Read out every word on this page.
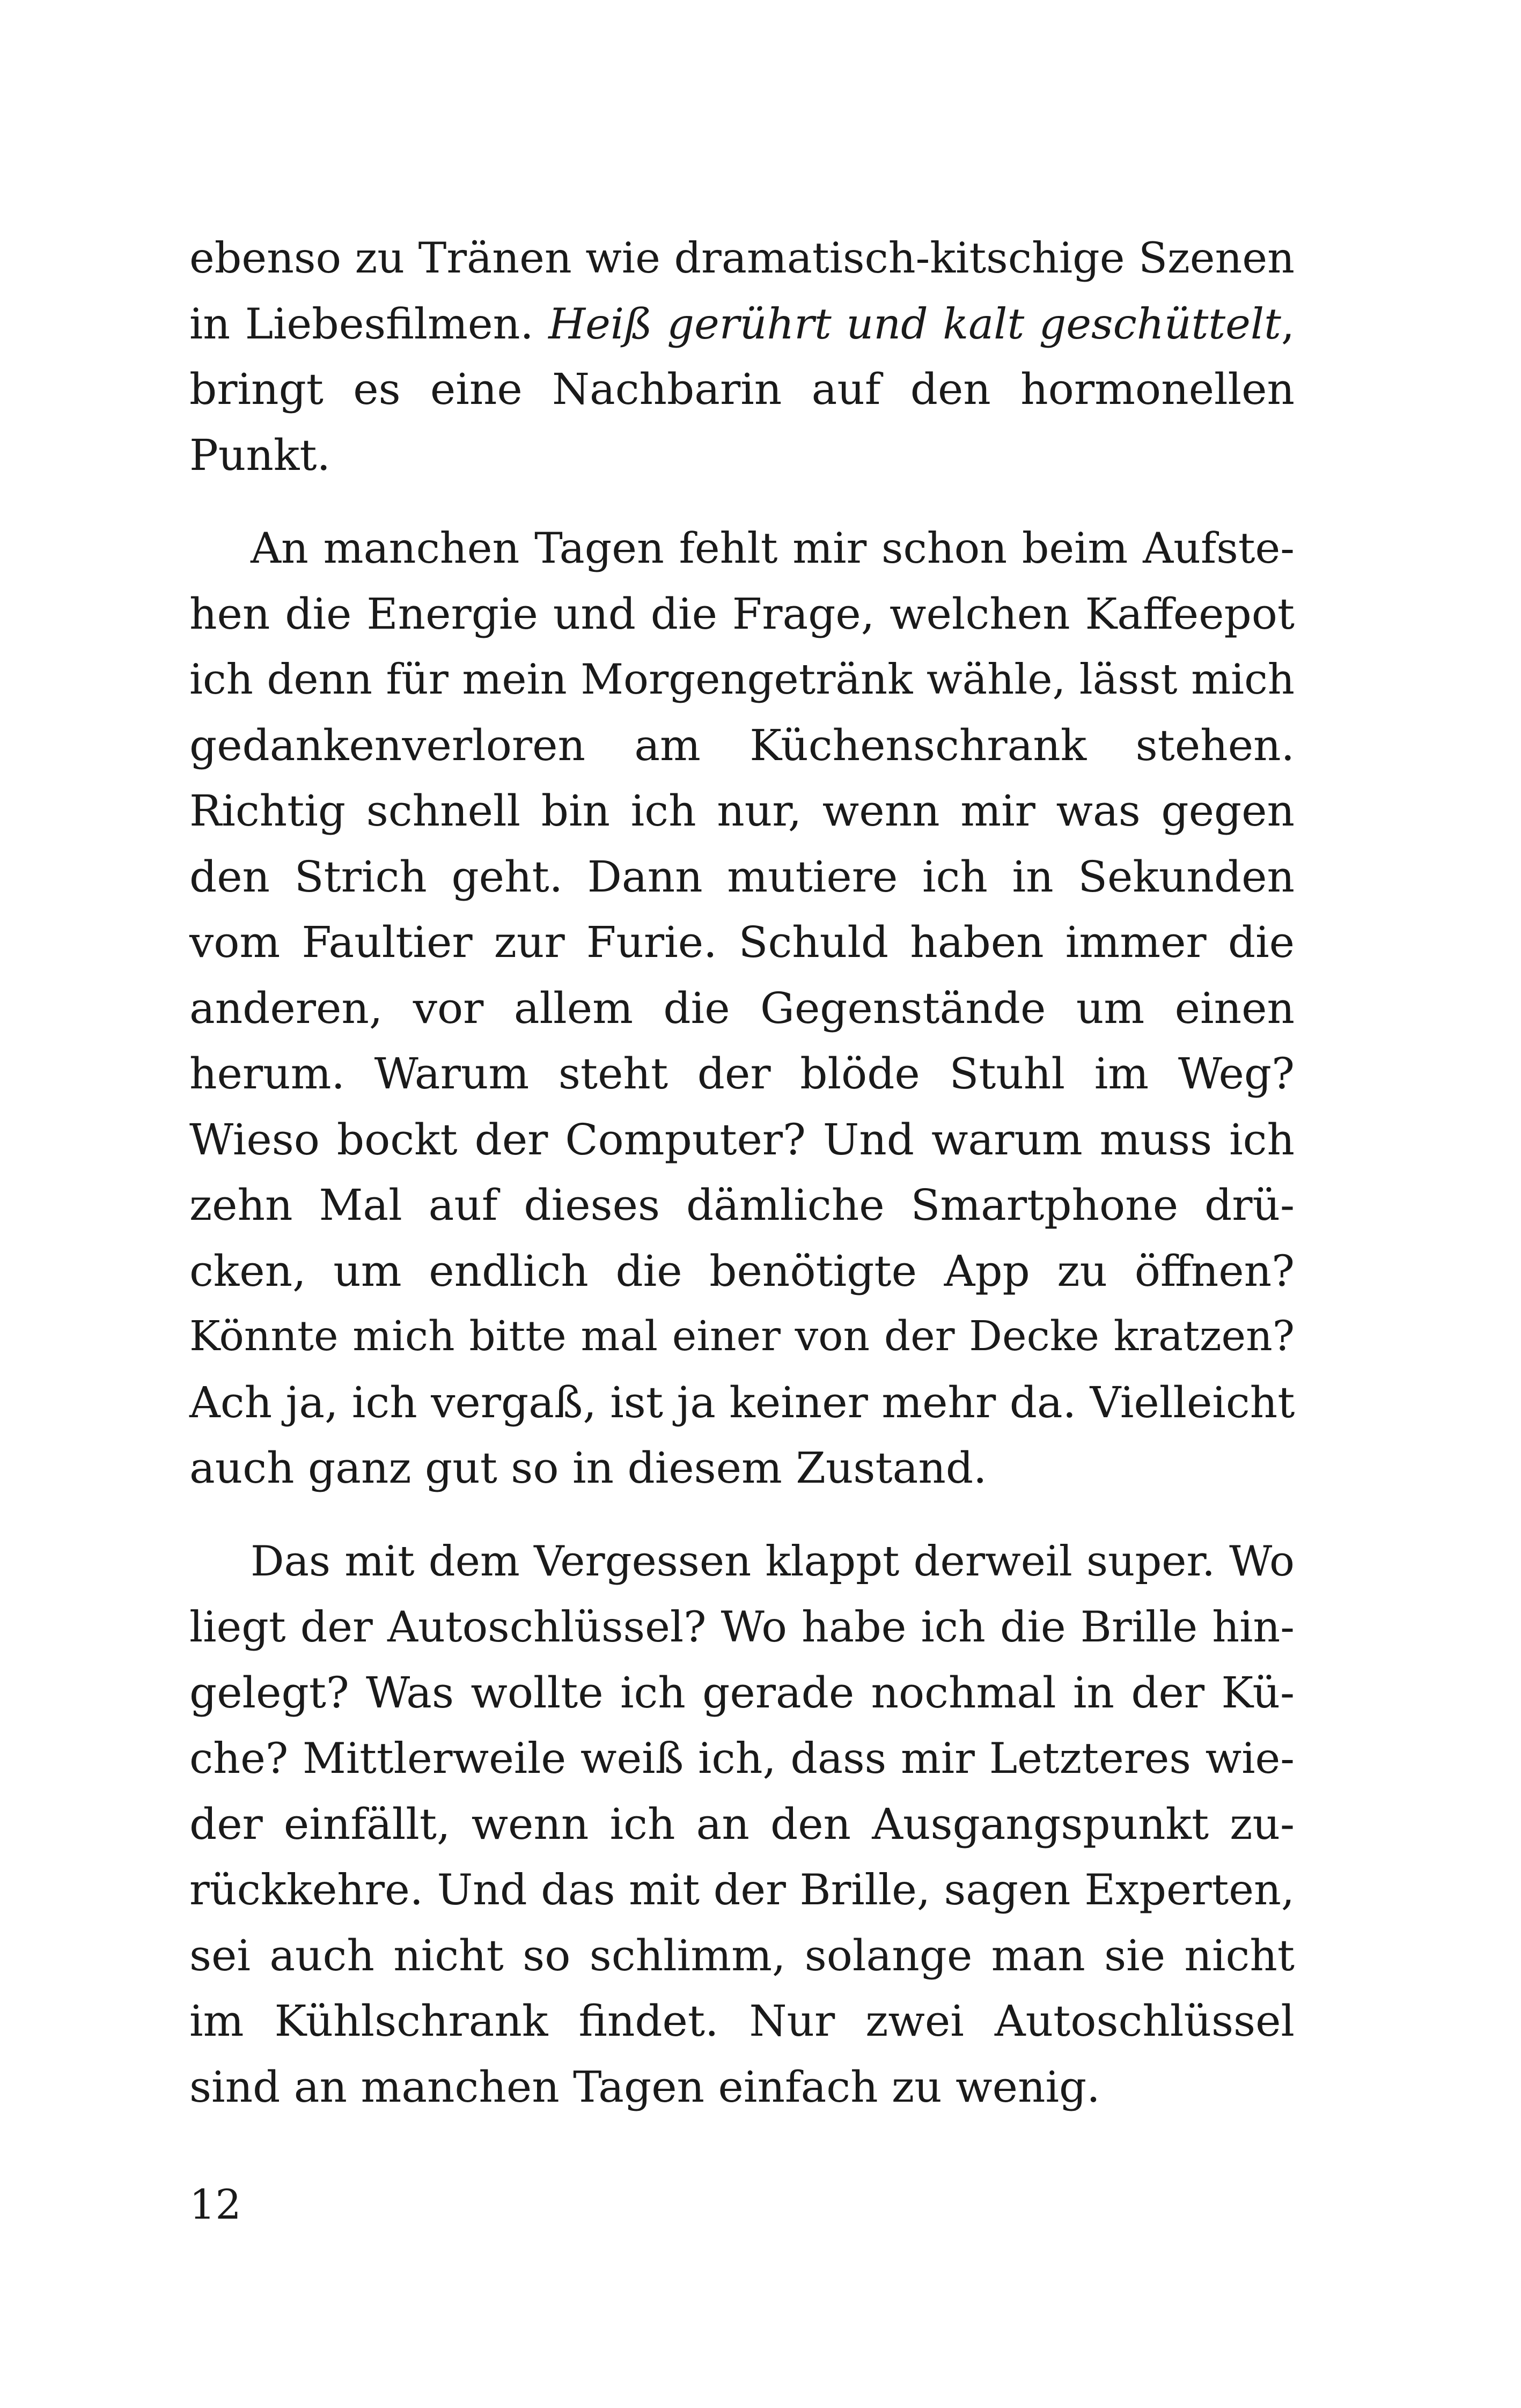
ebenso zu Tränen wie dramatisch-kitschige Szenen
in Liebesfilmen. Heiß gerührt und kalt geschüttelt,
bringt es eine Nachbarin auf den hormonellen
Punkt.
An manchen Tagen fehlt mir schon beim Aufste-
hen die Energie und die Frage, welchen Kaffeepot
ich denn für mein Morgengetränk wähle, lässt mich
gedankenverloren am Küchenschrank stehen.
Richtig schnell bin ich nur, wenn mir was gegen
den Strich geht. Dann mutiere ich in Sekunden
vom Faultier zur Furie. Schuld haben immer die
anderen, vor allem die Gegenstände um einen
herum. Warum steht der blöde Stuhl im Weg?
Wieso bockt der Computer? Und warum muss ich
zehn Mal auf dieses dämliche Smartphone drü-
cken, um endlich die benötigte App zu öffnen?
Könnte mich bitte mal einer von der Decke kratzen?
Ach ja, ich vergaß, ist ja keiner mehr da. Vielleicht
auch ganz gut so in diesem Zustand.
Das mit dem Vergessen klappt derweil super. Wo
liegt der Autoschlüssel? Wo habe ich die Brille hin-
gelegt? Was wollte ich gerade nochmal in der Kü-
che? Mittlerweile weiß ich, dass mir Letzteres wie-
der einfällt, wenn ich an den Ausgangspunkt zu-
rückkehre. Und das mit der Brille, sagen Experten,
sei auch nicht so schlimm, solange man sie nicht
im Kühlschrank findet. Nur zwei Autoschlüssel
sind an manchen Tagen einfach zu wenig.
12
